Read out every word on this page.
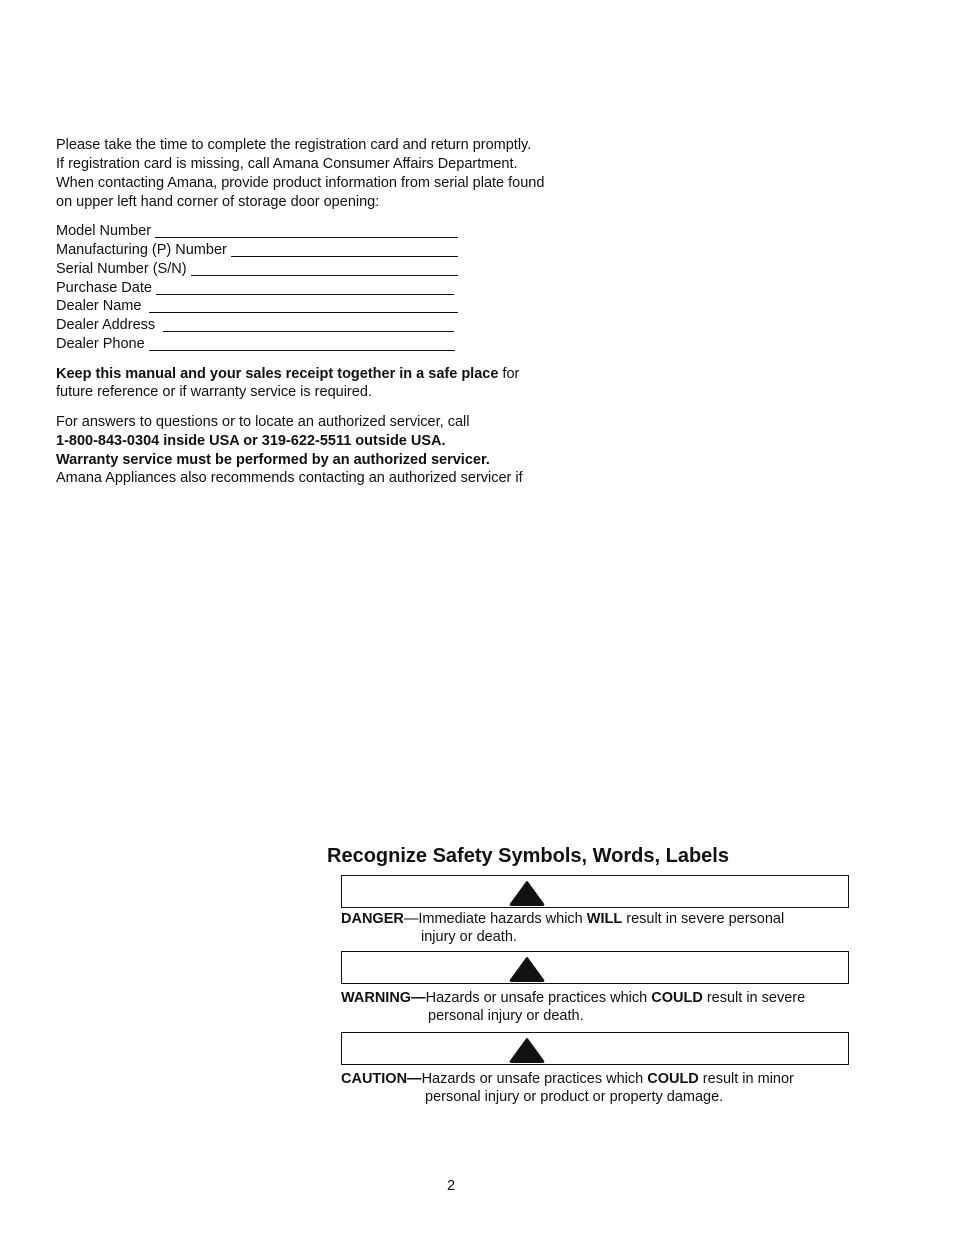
Please take the time to complete the registration card and return promptly.
If registration card is missing, call Amana Consumer Affairs Department.
When contacting Amana, provide product information from serial plate found
on upper left hand corner of storage door opening:
Model Number
Manufacturing (P) Number
Serial Number (S/N)
Purchase Date
Dealer Name
Dealer Address
Dealer Phone
Keep this manual and your sales receipt together in a safe place for
future reference or if warranty service is required.
For answers to questions or to locate an authorized servicer, call
1-800-843-0304 inside USA or 319-622-5511 outside USA.
Warranty service must be performed by an authorized servicer.
Amana Appliances also recommends contacting an authorized servicer if
Recognize Safety Symbols, Words, Labels
DANGER—Immediate hazards which WILL result in severe personal
injury or death.
WARNING—Hazards or unsafe practices which COULD result in severe
personal injury or death.
CAUTION—Hazards or unsafe practices which COULD result in minor
personal injury or product or property damage.
2
